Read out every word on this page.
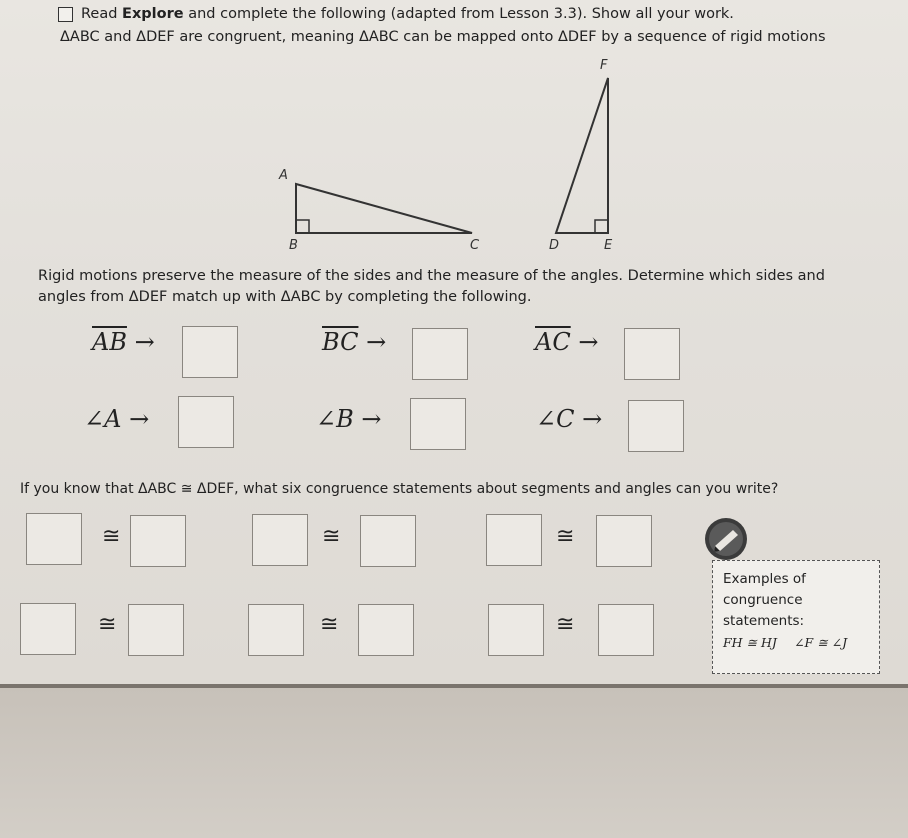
Read Explore and complete the following (adapted from Lesson 3.3). Show all your work.
ΔABC and ΔDEF are congruent, meaning ΔABC can be mapped onto ΔDEF by a sequence of rigid motions
A
B	C	D	E
F
Rigid motions preserve the measure of the sides and the measure of the angles. Determine which sides and angles from ΔDEF match up with ΔABC by completing the following.
$\overline{AB}$ →	$\overline{BC}$ →	$\overline{AC}$ →
∠A →	∠B →	∠C →
If you know that ΔABC ≅ ΔDEF, what six congruence statements about segments and angles can you write?
≅	≅	≅
≅	≅	≅
Examples of
congruence
statements:
FH ≅ HJ ∠F ≅ ∠J
